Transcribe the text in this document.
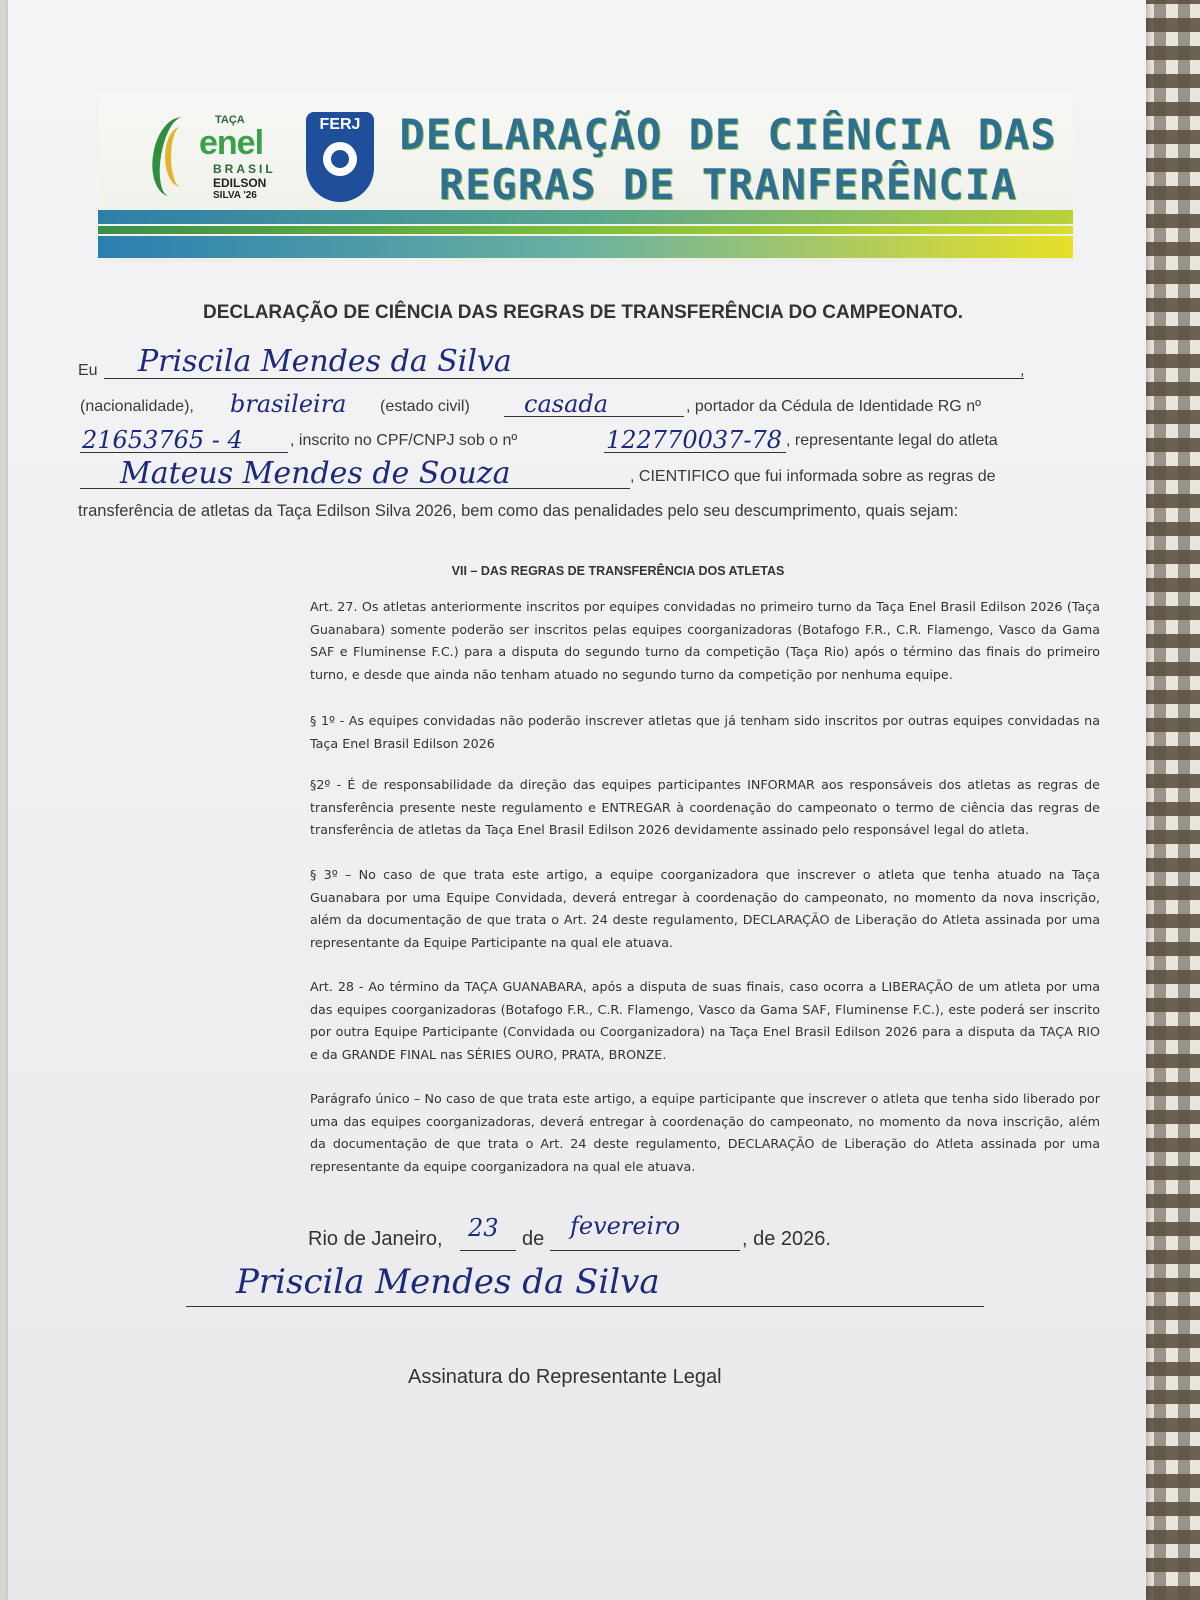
TAÇA
enel
BRASIL
EDILSON
SILVA '26
FERJ DECLARAÇÃO DE CIÊNCIA DAS
REGRAS DE TRANFERÊNCIA
DECLARAÇÃO DE CIÊNCIA DAS REGRAS DE TRANSFERÊNCIA DO CAMPEONATO.
Eu Priscila Mendes da Silva	,
(nacionalidade), brasileira (estado civil) casada	, portador da Cédula de Identidade RG nº
21653765 - 4	, inscrito no CPF/CNPJ sob o nº	122770037-78 , representante legal do atleta
Mateus Mendes de Souza	, CIENTIFICO que fui informada sobre as regras de
transferência de atletas da Taça Edilson Silva 2026, bem como das penalidades pelo seu descumprimento, quais sejam:
VII – DAS REGRAS DE TRANSFERÊNCIA DOS ATLETAS
Art. 27. Os atletas anteriormente inscritos por equipes convidadas no primeiro turno da Taça Enel Brasil Edilson 2026 (Taça Guanabara) somente poderão ser inscritos pelas equipes coorganizadoras (Botafogo F.R., C.R. Flamengo, Vasco da Gama SAF e Fluminense F.C.) para a disputa do segundo turno da competição (Taça Rio) após o término das finais do primeiro turno, e desde que ainda não tenham atuado no segundo turno da competição por nenhuma equipe.
§ 1º - As equipes convidadas não poderão inscrever atletas que já tenham sido inscritos por outras equipes convidadas na Taça Enel Brasil Edilson 2026
§2º - É de responsabilidade da direção das equipes participantes INFORMAR aos responsáveis dos atletas as regras de transferência presente neste regulamento e ENTREGAR à coordenação do campeonato o termo de ciência das regras de transferência de atletas da Taça Enel Brasil Edilson 2026 devidamente assinado pelo responsável legal do atleta.
§ 3º – No caso de que trata este artigo, a equipe coorganizadora que inscrever o atleta que tenha atuado na Taça Guanabara por uma Equipe Convidada, deverá entregar à coordenação do campeonato, no momento da nova inscrição, além da documentação de que trata o Art. 24 deste regulamento, DECLARAÇÃO de Liberação do Atleta assinada por uma representante da Equipe Participante na qual ele atuava.
Art. 28 - Ao término da TAÇA GUANABARA, após a disputa de suas finais, caso ocorra a LIBERAÇÃO de um atleta por uma das equipes coorganizadoras (Botafogo F.R., C.R. Flamengo, Vasco da Gama SAF, Fluminense F.C.), este poderá ser inscrito por outra Equipe Participante (Convidada ou Coorganizadora) na Taça Enel Brasil Edilson 2026 para a disputa da TAÇA RIO e da GRANDE FINAL nas SÉRIES OURO, PRATA, BRONZE.
Parágrafo único – No caso de que trata este artigo, a equipe participante que inscrever o atleta que tenha sido liberado por uma das equipes coorganizadoras, deverá entregar à coordenação do campeonato, no momento da nova inscrição, além da documentação de que trata o Art. 24 deste regulamento, DECLARAÇÃO de Liberação do Atleta assinada por uma representante da equipe coorganizadora na qual ele atuava.
Rio de Janeiro, 23 de fevereiro	, de 2026.
Priscila Mendes da Silva
Assinatura do Representante Legal
